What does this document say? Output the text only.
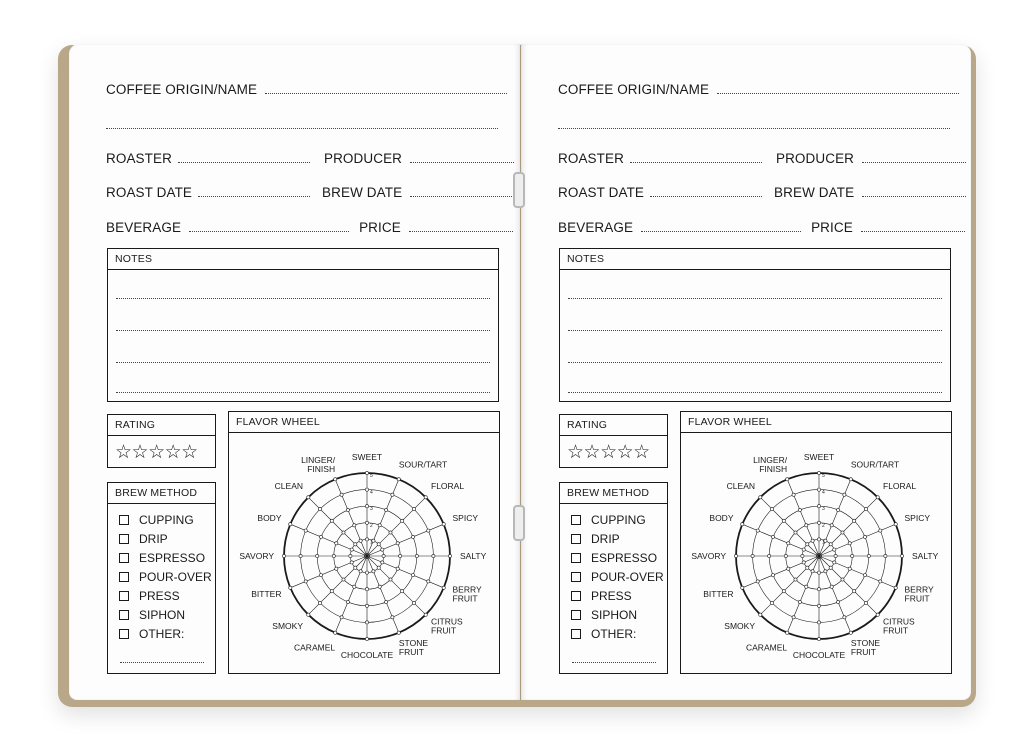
COFFEE ORIGIN/NAME
ROASTER	PRODUCER
ROAST DATE	BREW DATE
BEVERAGE	PRICE
NOTES
RATING
☆☆☆☆☆
BREW METHOD
CUPPING
DRIP
ESPRESSO
POUR-OVER
PRESS
SIPHON
OTHER:
FLAVOR WHEEL
SWEET
SOUR/TART
FLORAL
SPICY
SALTY
BERRY FRUIT
CITRUS FRUIT
STONE FRUIT
CHOCOLATE
CARAMEL
SMOKY
BITTER
SAVORY
BODY
CLEAN
LINGER/ FINISH
1
2
3
4
5
COFFEE ORIGIN/NAME
ROASTER	PRODUCER
ROAST DATE	BREW DATE
BEVERAGE	PRICE
NOTES
RATING
☆☆☆☆☆
BREW METHOD
CUPPING
DRIP
ESPRESSO
POUR-OVER
PRESS
SIPHON
OTHER:
FLAVOR WHEEL
SWEET
SOUR/TART
FLORAL
SPICY
SALTY
BERRY FRUIT
CITRUS FRUIT
STONE FRUIT
CHOCOLATE
CARAMEL
SMOKY
BITTER
SAVORY
BODY
CLEAN
LINGER/ FINISH
1
2
3
4
5
